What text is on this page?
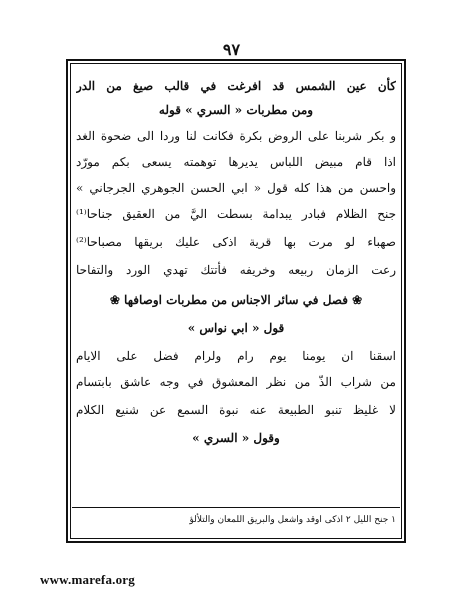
٩٧
كأن عين الشمس قد افرغت في قالب صيغ من الدر
ومن مطربات « السري » قوله
و بكر شربنا على الروض بكرة فكانت لنا وردا الى ضحوة الغد
اذا قام مبيض اللباس يديرها توهمته يسعى بكم مورّد
واحسن من هذا كله قول « ابي الحسن الجوهري الجرجاني »
جنح الظلام فبادر يبدامة بسطت اليَّ من العقيق جناحا⁽¹⁾
صهباء لو مرت بها قرية اذكى عليك بريقها مصباحا⁽²⁾
رعت الزمان ربيعه وخريفه فأتتك تهدي الورد والتفاحا
❀ فصل في سائر الاجناس من مطربات اوصافها ❀
قول « ابي نواس »
اسقنا ان يومنا يوم رام ولرام فضل على الايام
من شراب الذّ من نظر المعشوق في وجه عاشق بابتسام
لا غليظ تنبو الطبيعة عنه نبوة السمع عن شنيع الكلام
وقول « السري »
١ جنح الليل ٢ اذكى اوقد واشعل والبريق اللمعان والتلألؤ
www.marefa.org
